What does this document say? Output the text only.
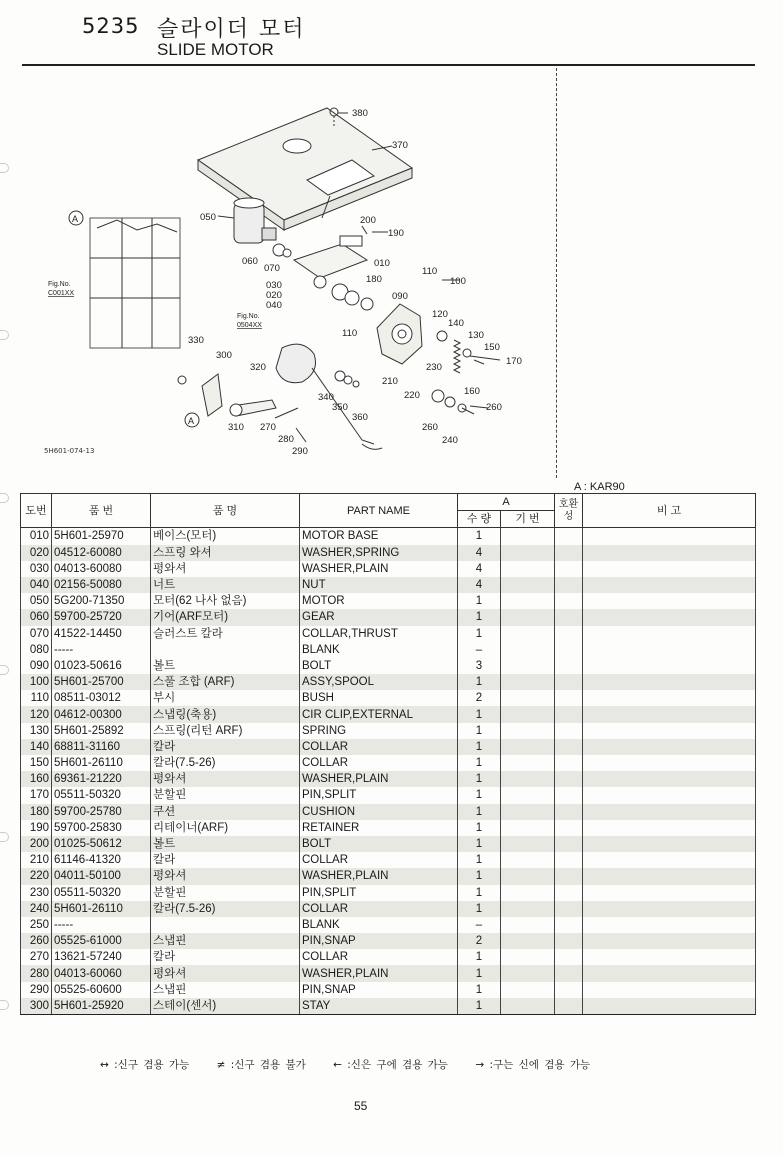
5235 슬라이더 모터
SLIDE MOTOR
380
370
050	200
190
060
070	010
110
100
180
030
020
040
090
120
140
130
150
170
110
330
300
320	230
210
220	160
260
340
350
360
310 270
280
290
260
240
Fig.No.
C001XX
Fig.No.
0504XX
A
A
5H601-074-13
A : KAR90
도번	품 번	품 명	PART NAME	A		호환성	비 고
				수 량	기 번		
010	5H601-25970	베이스(모터)	MOTOR BASE	1			
020	04512-60080	스프링 와셔	WASHER,SPRING	4			
030	04013-60080	평와셔	WASHER,PLAIN	4			
040	02156-50080	너트	NUT	4			
050	5G200-71350	모터(62 나사 없음)	MOTOR	1			
060	59700-25720	기어(ARF모터)	GEAR	1			
070	41522-14450	슬러스트 칼라	COLLAR,THRUST	1			
080	-----		BLANK	–			
090	01023-50616	볼트	BOLT	3			
100	5H601-25700	스풀 조합 (ARF)	ASSY,SPOOL	1			
110	08511-03012	부시	BUSH	2			
120	04612-00300	스냅링(축용)	CIR CLIP,EXTERNAL	1			
130	5H601-25892	스프링(리턴 ARF)	SPRING	1			
140	68811-31160	칼라	COLLAR	1			
150	5H601-26110	칼라(7.5-26)	COLLAR	1			
160	69361-21220	평와셔	WASHER,PLAIN	1			
170	05511-50320	분할핀	PIN,SPLIT	1			
180	59700-25780	쿠션	CUSHION	1			
190	59700-25830	리테이너(ARF)	RETAINER	1			
200	01025-50612	볼트	BOLT	1			
210	61146-41320	칼라	COLLAR	1			
220	04011-50100	평와셔	WASHER,PLAIN	1			
230	05511-50320	분할핀	PIN,SPLIT	1			
240	5H601-26110	칼라(7.5-26)	COLLAR	1			
250	-----		BLANK	–			
260	05525-61000	스냅핀	PIN,SNAP	2			
270	13621-57240	칼라	COLLAR	1			
280	04013-60060	평와셔	WASHER,PLAIN	1			
290	05525-60600	스냅핀	PIN,SNAP	1			
300	5H601-25920	스테이(센서)	STAY	1			
↔ :신구 겸용 가능	≠ :신구 겸용 불가	← :신은 구에 겸용 가능	→ :구는 신에 겸용 가능
55
